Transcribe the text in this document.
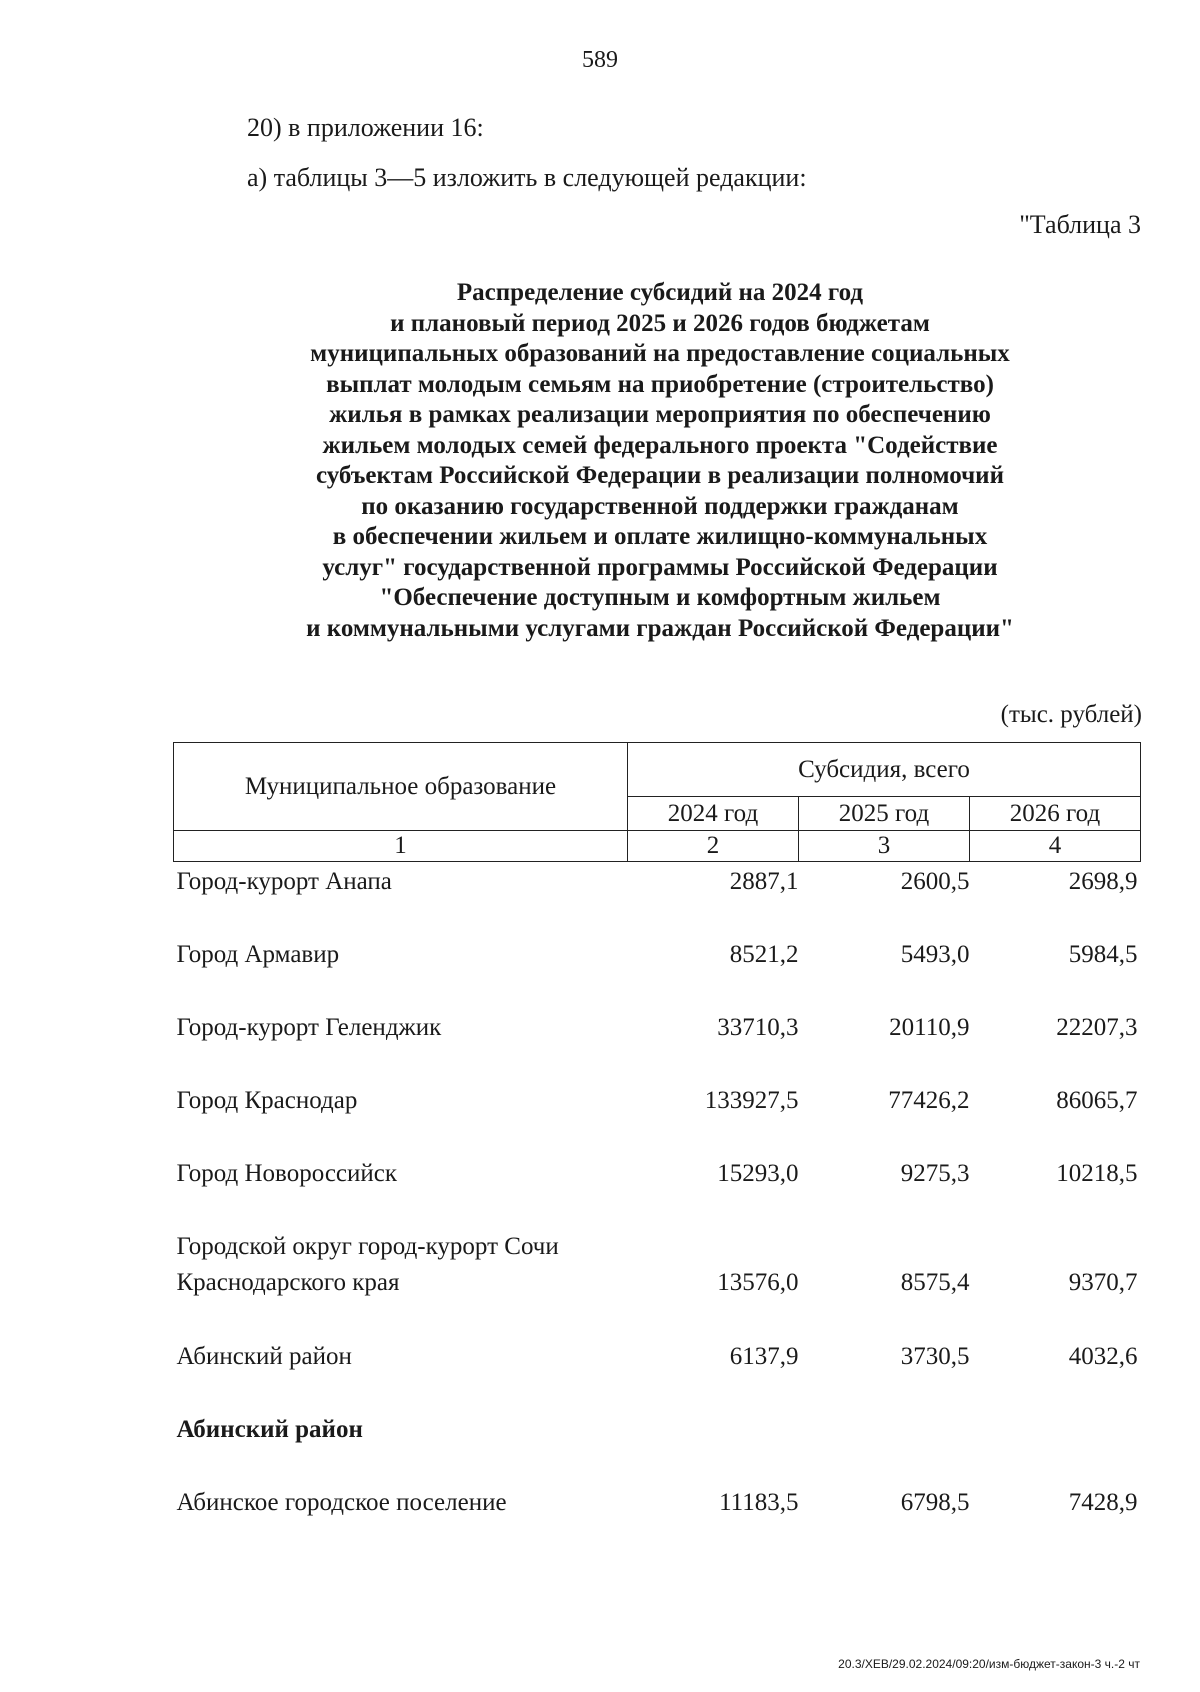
589
20) в приложении 16:
а) таблицы 3—5 изложить в следующей редакции:
"Таблица 3
Распределение субсидий на 2024 год
и плановый период 2025 и 2026 годов бюджетам
муниципальных образований на предоставление социальных
выплат молодым семьям на приобретение (строительство)
жилья в рамках реализации мероприятия по обеспечению
жильем молодых семей федерального проекта "Содействие
субъектам Российской Федерации в реализации полномочий
по оказанию государственной поддержки гражданам
в обеспечении жильем и оплате жилищно-коммунальных
услуг" государственной программы Российской Федерации
"Обеспечение доступным и комфортным жильем
и коммунальными услугами граждан Российской Федерации"
(тыс. рублей)
Муниципальное образование	Субсидия, всего		
	2024 год	2025 год	2026 год
1	2	3	4
Город-курорт Анапа	2887,1	2600,5	2698,9
Город Армавир	8521,2	5493,0	5984,5
Город-курорт Геленджик	33710,3	20110,9	22207,3
Город Краснодар	133927,5	77426,2	86065,7
Город Новороссийск	15293,0	9275,3	10218,5

Городской округ город-курорт Сочи
Краснодарского края	13576,0	8575,4	9370,7
Абинский район	6137,9	3730,5	4032,6
Абинский район			
Абинское городское поселение	11183,5	6798,5	7428,9
20.3/ХЕВ/29.02.2024/09:20/изм-бюджет-закон-3 ч.-2 чт
